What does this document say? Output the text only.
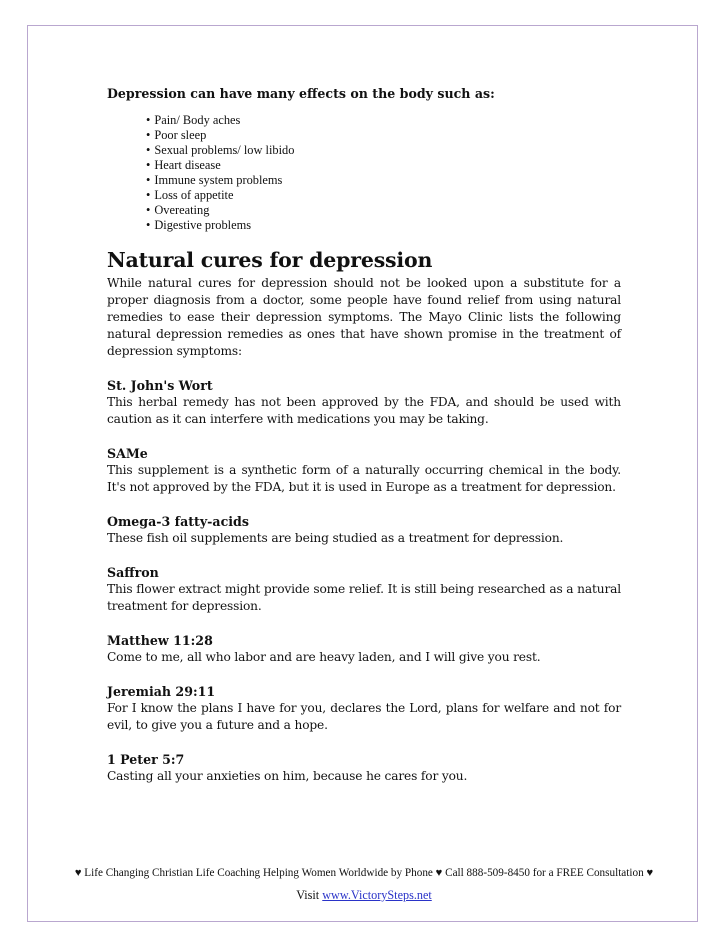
Depression can have many effects on the body such as:

• Pain/ Body aches
• Poor sleep
• Sexual problems/ low libido
• Heart disease
• Immune system problems
• Loss of appetite
• Overeating
• Digestive problems
Natural cures for depression

While natural cures for depression should not be looked upon a substitute for a proper diagnosis from a doctor, some people have found relief from using natural remedies to ease their depression symptoms. The Mayo Clinic lists the following natural depression remedies as ones that have shown promise in the treatment of depression symptoms:

St. John's Wort

This herbal remedy has not been approved by the FDA, and should be used with caution as it can interfere with medications you may be taking.

SAMe

This supplement is a synthetic form of a naturally occurring chemical in the body. It's not approved by the FDA, but it is used in Europe as a treatment for depression.

Omega-3 fatty-acids

These fish oil supplements are being studied as a treatment for depression.

Saffron

This flower extract might provide some relief. It is still being researched as a natural treatment for depression.

Matthew 11:28

Come to me, all who labor and are heavy laden, and I will give you rest.

Jeremiah 29:11

For I know the plans I have for you, declares the Lord, plans for welfare and not for evil, to give you a future and a hope.

1 Peter 5:7

Casting all your anxieties on him, because he cares for you.

♥ Life Changing Christian Life Coaching Helping Women Worldwide by Phone ♥ Call 888-509-8450 for a FREE Consultation ♥
Visit www.VictorySteps.net
